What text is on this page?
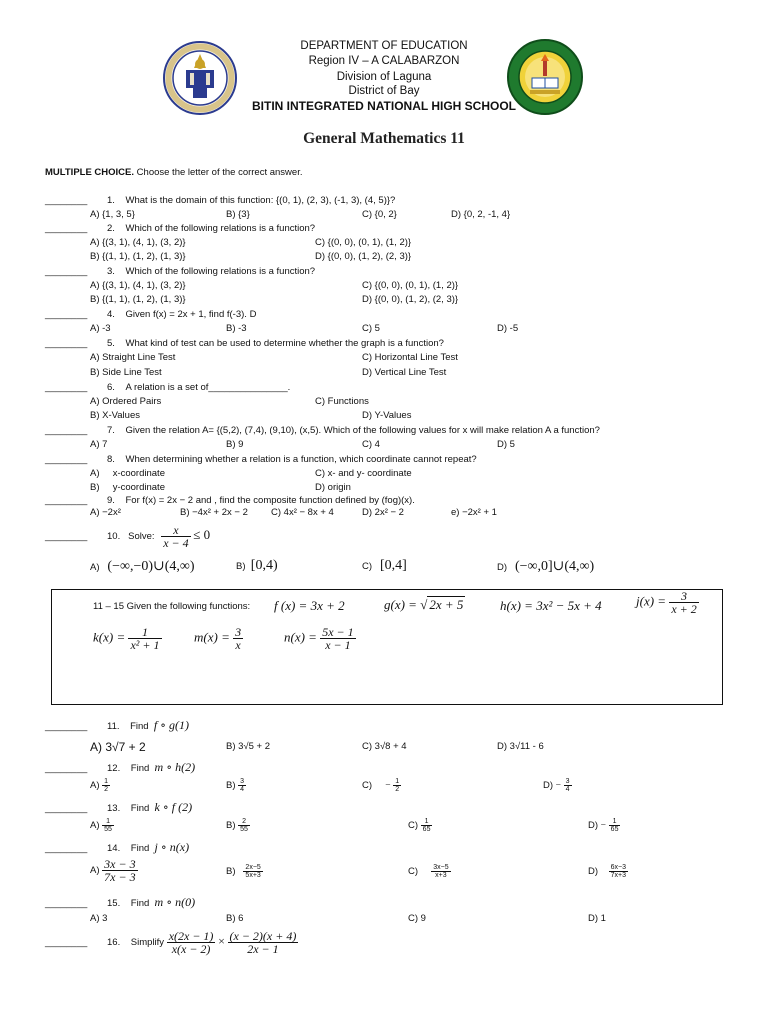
DEPARTMENT OF EDUCATION
Region IV – A CALABARZON
Division of Laguna
District of Bay
BITIN INTEGRATED NATIONAL HIGH SCHOOL
General Mathematics 11
MULTIPLE CHOICE. Choose the letter of the correct answer.
________ 1. What is the domain of this function: {(0, 1), (2, 3), (-1, 3), (4, 5)}?
A) {1, 3, 5}	B) {3}	C) {0, 2}	D) {0, 2, -1, 4}
________ 2. Which of the following relations is a function?
A) {(3, 1), (4, 1), (3, 2)}	C) {(0, 0), (0, 1), (1, 2)}
B) {(1, 1), (1, 2), (1, 3)}	D) {(0, 0), (1, 2), (2, 3)}
________ 3. Which of the following relations is a function?
A) {(3, 1), (4, 1), (3, 2)}	C) {(0, 0), (0, 1), (1, 2)}
B) {(1, 1), (1, 2), (1, 3)}	D) {(0, 0), (1, 2), (2, 3)}
________ 4. Given f(x) = 2x + 1, find f(-3). D
A) -3	B) -3	C) 5	D) -5
________ 5. What kind of test can be used to determine whether the graph is a function?
A) Straight Line Test	C) Horizontal Line Test
B) Side Line Test	D) Vertical Line Test
________ 6. A relation is a set of_______________.
A) Ordered Pairs	C) Functions
B) X-Values	D) Y-Values
________ 7. Given the relation A= {(5,2), (7,4), (9,10), (x,5). Which of the following values for x will make relation A a function?
A) 7	B) 9	C) 4	D) 5
________ 8. When determining whether a relation is a function, which coordinate cannot repeat?
A)     x-coordinate	C) x- and y- coordinate
B)     y-coordinate	D) origin
________ 9. For f(x) = 2x − 2 and , find the composite function defined by (fog)(x).
A) −2x²	B) −4x² + 2x − 2 C) 4x² − 8x + 4	D) 2x² − 2	e) −2x² + 1
________ 10. Solve: $\frac{x}{x - 4} \le 0$
A) (−∞,−0)∪(4,∞)	B) [0,4)	C) [0,4]	D) (−∞,0]∪(4,∞)
11 – 15 Given the following functions: f (x) = 3x + 2	g(x) = √ 2x + 5	h(x) = 3x² − 5x + 4	$j(x) = \frac{3}{x + 2}$
$k(x) = \frac{1}{\text{x² + 1}} m(x) = \frac{3}{x}$	$n(x) = \frac{5x - 1}{x - 1}$
________ 11. Find f ∘ g(1)
A) 3√7 + 2	B) 3√5 + 2	C) 3√8 + 4	D) 3√11 - 6
________ 12. Find m ∘ h(2)
$A) \frac{1}{2}$	$B) \frac{3}{4}$	$C) - \frac{1}{2}$	$D) - \frac{3}{4}$
________ 13. Find k ∘ f (2)
$A) \frac{1}{55}$	$B) \frac{2}{55}$	$C) \frac{1}{65}$	$D) - \frac{1}{65}$
________ 14. Find j ∘ n(x)
$A) \frac{3x - 3}{7x - 3}$	$B) \frac{2x-5}{5x+3}$	$C) \frac{3x-5}{x+3}$	$D) \frac{6x-3}{7x+3}$
________ 15. Find m ∘ n(0)
A) 3	B) 6	C) 9	D) 1
________ 16. Simplify $\frac{x(2x - 1)}{x(x - 2)} \times \frac{(x - 2)(x + 4)}{2x - 1}$
